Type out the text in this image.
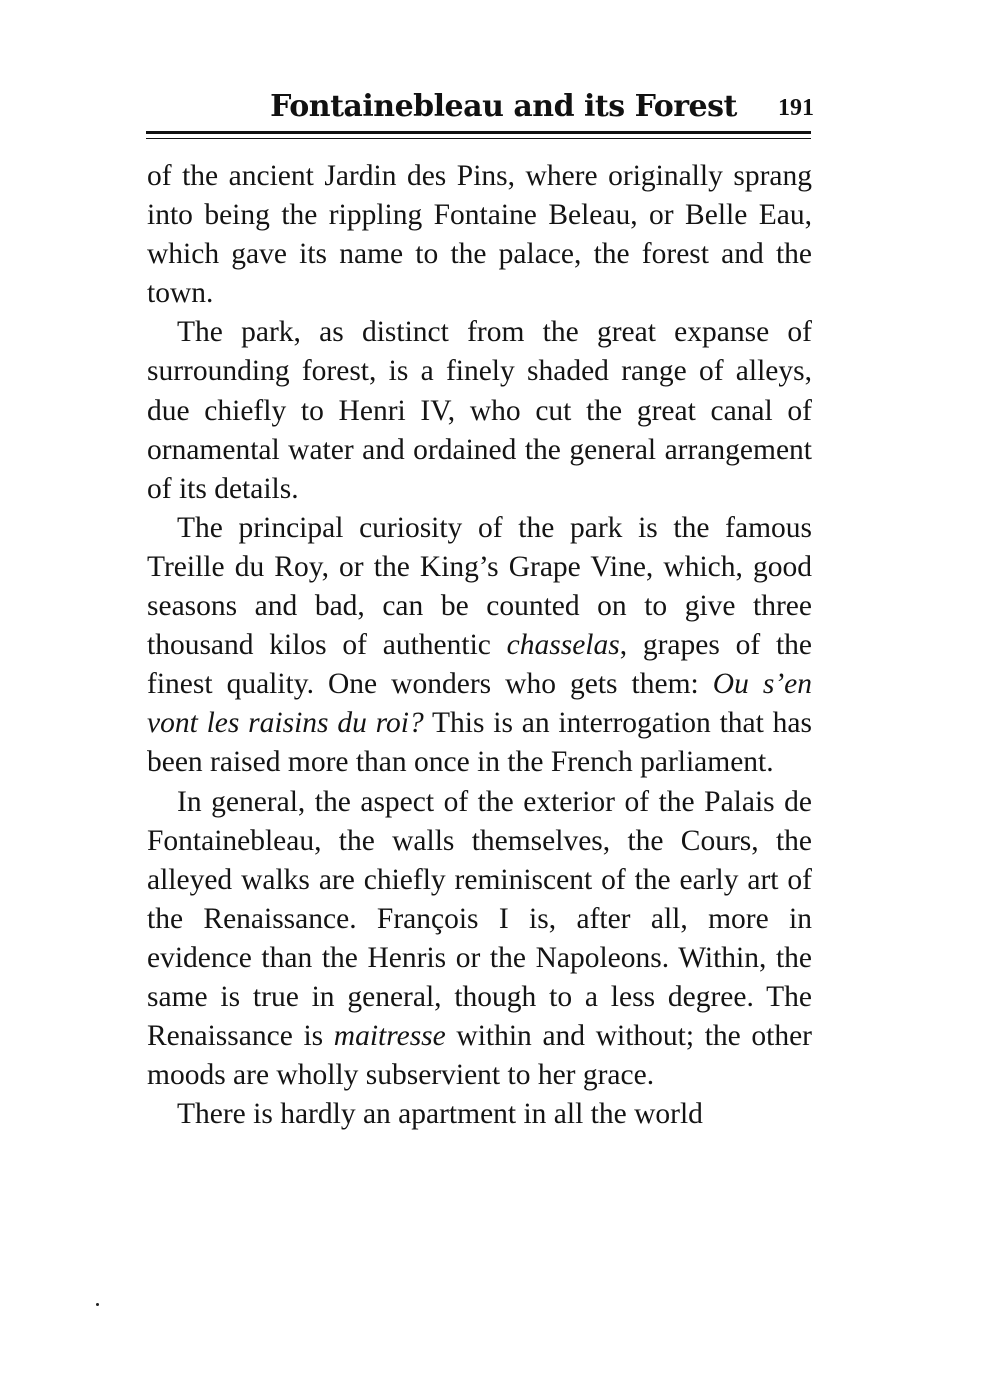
Fontainebleau and its Forest	191

of the ancient Jardin des Pins, where originally sprang into being the rippling Fontaine Beleau, or Belle Eau, which gave its name to the palace, the forest and the town.

The park, as distinct from the great expanse of surrounding forest, is a finely shaded range of alleys, due chiefly to Henri IV, who cut the great canal of ornamental water and ordained the general arrangement of its details.

The principal curiosity of the park is the famous Treille du Roy, or the King’s Grape Vine, which, good seasons and bad, can be counted on to give three thousand kilos of authentic chasselas, grapes of the finest quality. One wonders who gets them: Ou s’en vont les raisins du roi? This is an interrogation that has been raised more than once in the French parliament.

In general, the aspect of the exterior of the Palais de Fontainebleau, the walls themselves, the Cours, the alleyed walks are chiefly reminiscent of the early art of the Renaissance. François I is, after all, more in evidence than the Henris or the Napoleons. Within, the same is true in general, though to a less degree. The Renaissance is maitresse within and without; the other moods are wholly subservient to her grace.

There is hardly an apartment in all the world
